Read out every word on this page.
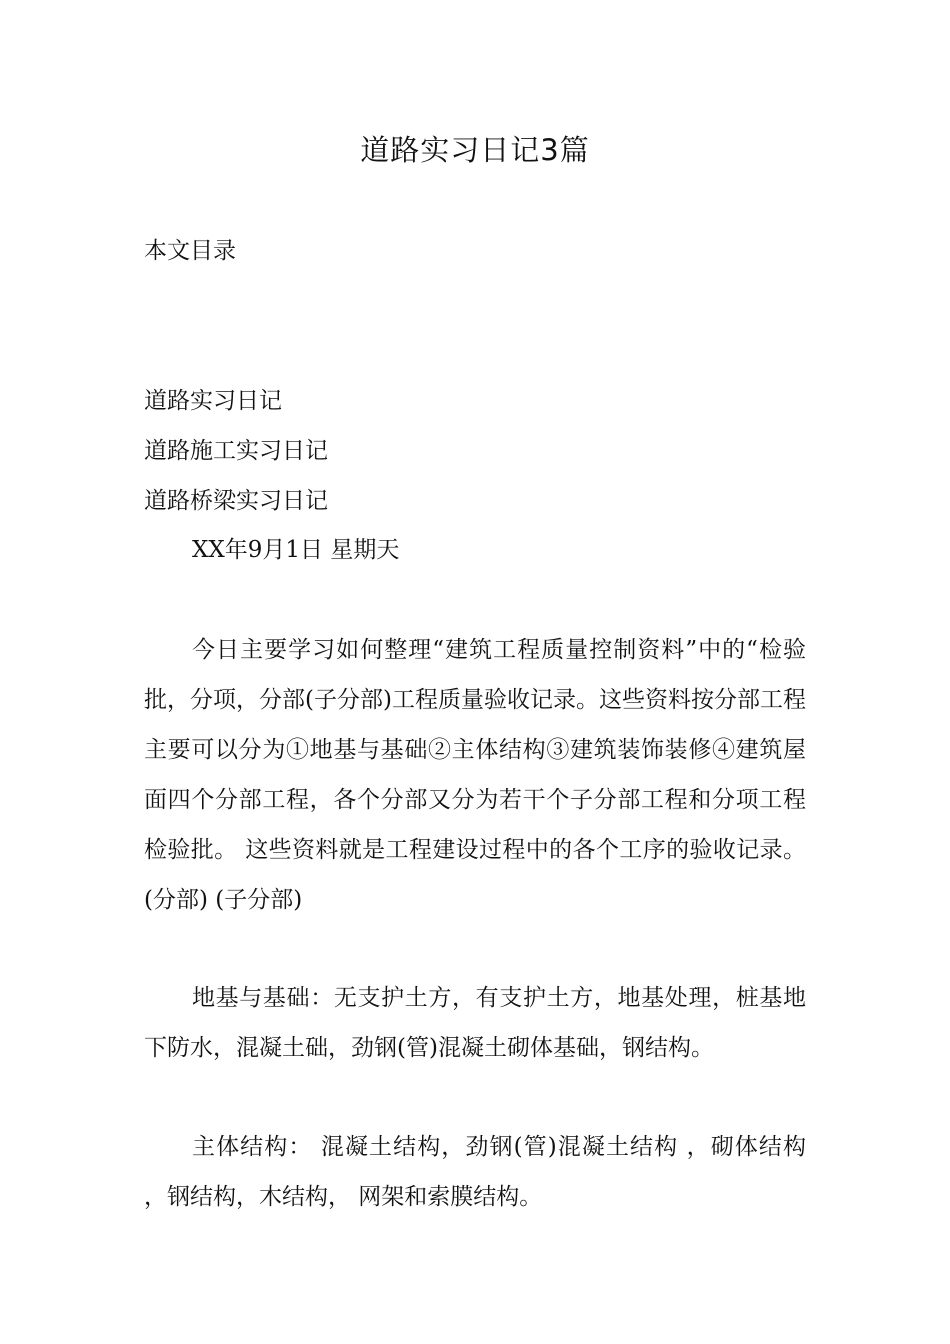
道路实习日记3篇

本文目录

道路实习日记

道路施工实习日记

道路桥梁实习日记

XX年9月1日 星期天

今日主要学习如何整理“建筑工程质量控制资料”中的“检验批，分项，分部(子分部)工程质量验收记录。这些资料按分部工程主要可以分为①地基与基础②主体结构③建筑装饰装修④建筑屋面四个分部工程，各个分部又分为若干个子分部工程和分项工程检验批。 这些资料就是工程建设过程中的各个工序的验收记录。 (分部) (子分部)

地基与基础：无支护土方，有支护土方，地基处理，桩基地下防水，混凝土础，劲钢(管)混凝土砌体基础，钢结构。

主体结构： 混凝土结构，劲钢(管)混凝土结构 ，砌体结构 ，钢结构，木结构， 网架和索膜结构。
